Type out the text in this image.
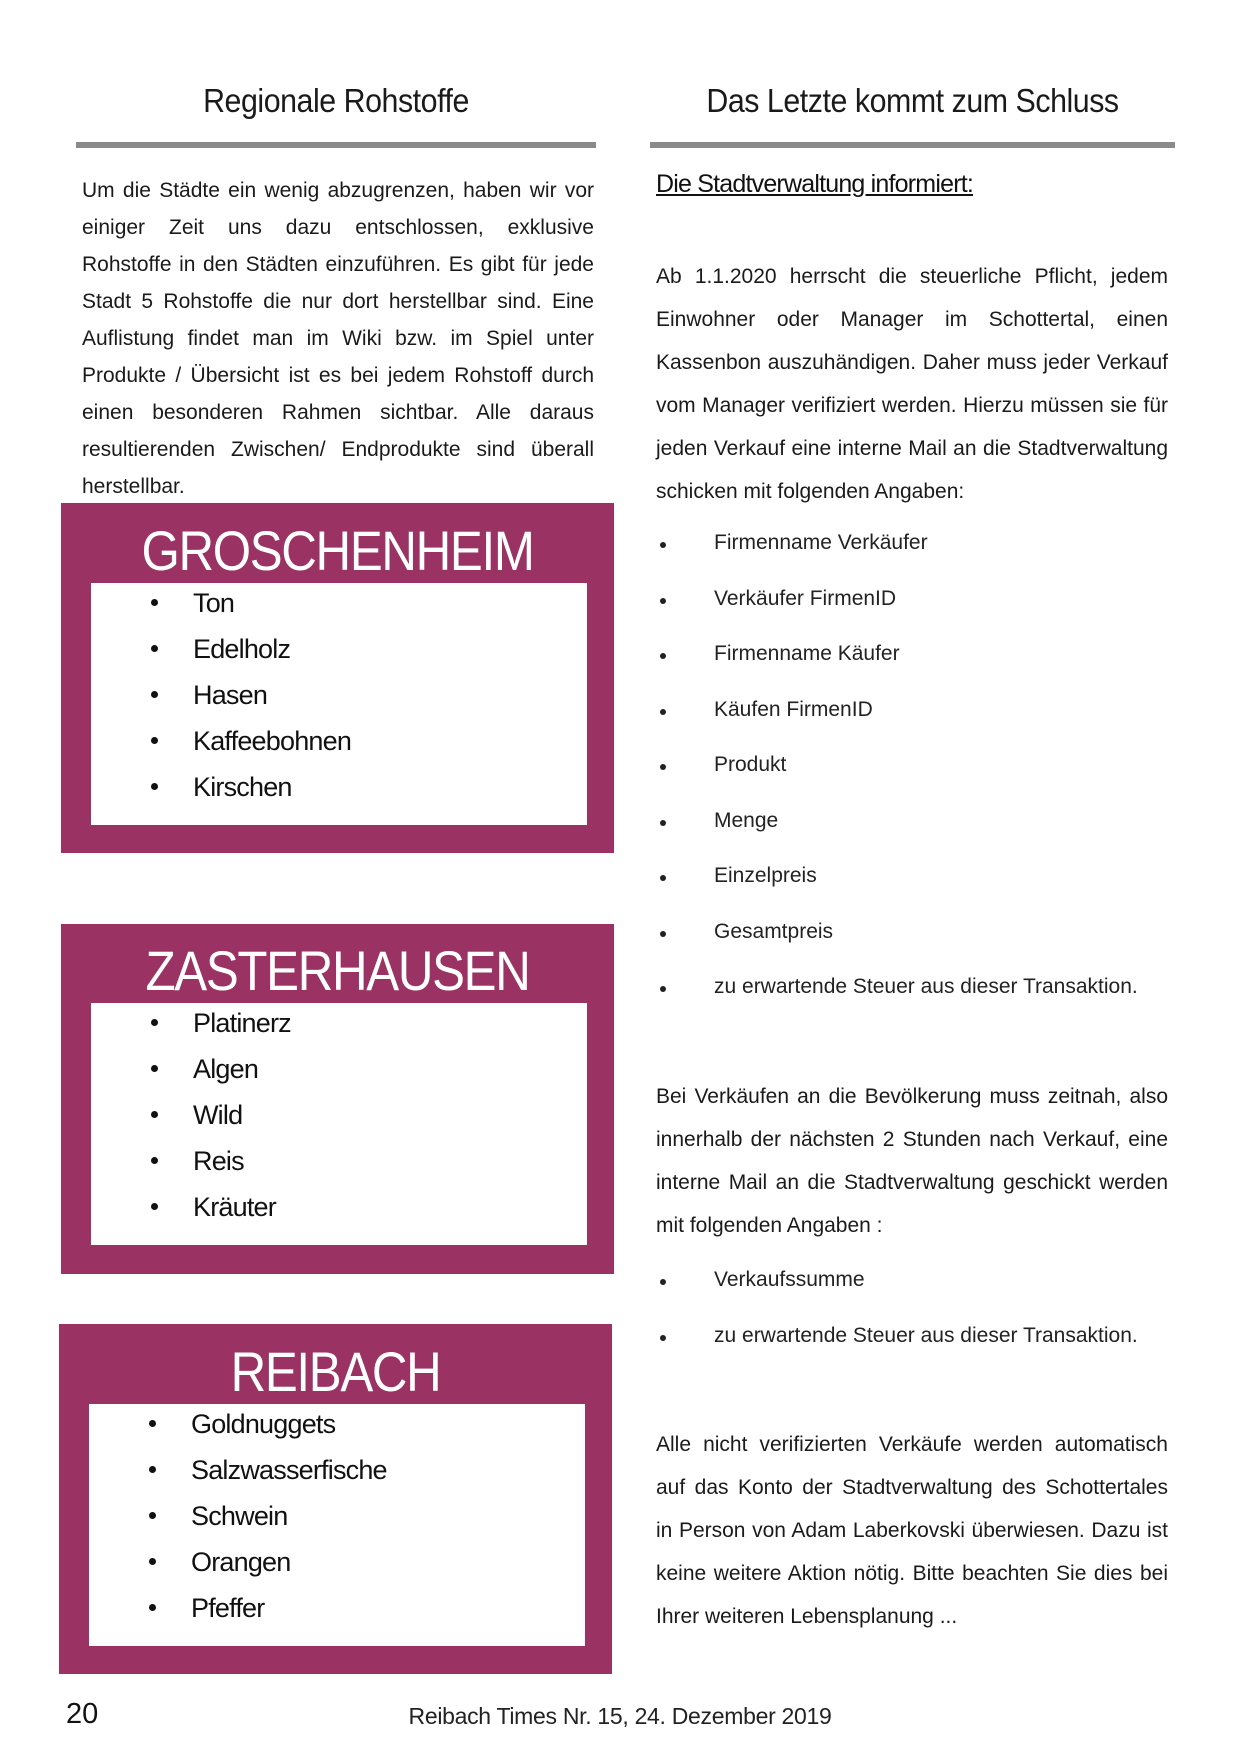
Regionale Rohstoffe

Um die Städte ein wenig abzugrenzen, haben wir vor einiger Zeit uns dazu entschlossen, exklusive Rohstoffe in den Städten einzuführen. Es gibt für jede Stadt 5 Rohstoffe die nur dort herstellbar sind. Eine Auflistung findet man im Wiki bzw. im Spiel unter Produkte / Übersicht ist es bei jedem Rohstoff durch einen besonderen Rahmen sichtbar. Alle daraus resultierenden Zwischen/ Endprodukte sind überall herstellbar.

GROSCHENHEIM
Ton
Edelholz
Hasen
Kaffeebohnen
Kirschen
ZASTERHAUSEN
Platinerz
Algen
Wild
Reis
Kräuter
REIBACH
Goldnuggets
Salzwasserfische
Schwein
Orangen
Pfeffer
Das Letzte kommt zum Schluss
Die Stadtverwaltung informiert:

Ab 1.1.2020 herrscht die steuerliche Pflicht, jedem Einwohner oder Manager im Schottertal, einen Kassenbon auszuhändigen. Daher muss jeder Verkauf vom Manager verifiziert werden. Hierzu müssen sie für jeden Verkauf eine interne Mail an die Stadtverwaltung schicken mit folgenden Angaben:

Firmenname Verkäufer
Verkäufer FirmenID
Firmenname Käufer
Käufen FirmenID
Produkt
Menge
Einzelpreis
Gesamtpreis
zu erwartende Steuer aus dieser Transaktion.

Bei Verkäufen an die Bevölkerung muss zeitnah, also innerhalb der nächsten 2 Stunden nach Verkauf, eine interne Mail an die Stadtverwaltung geschickt werden mit folgenden Angaben :

Verkaufssumme
zu erwartende Steuer aus dieser Transaktion.

Alle nicht verifizierten Verkäufe werden automatisch auf das Konto der Stadtverwaltung des Schottertales in Person von Adam Laberkovski überwiesen. Dazu ist keine weitere Aktion nötig. Bitte beachten Sie dies bei Ihrer weiteren Lebensplanung ...

20	Reibach Times Nr. 15, 24. Dezember 2019
